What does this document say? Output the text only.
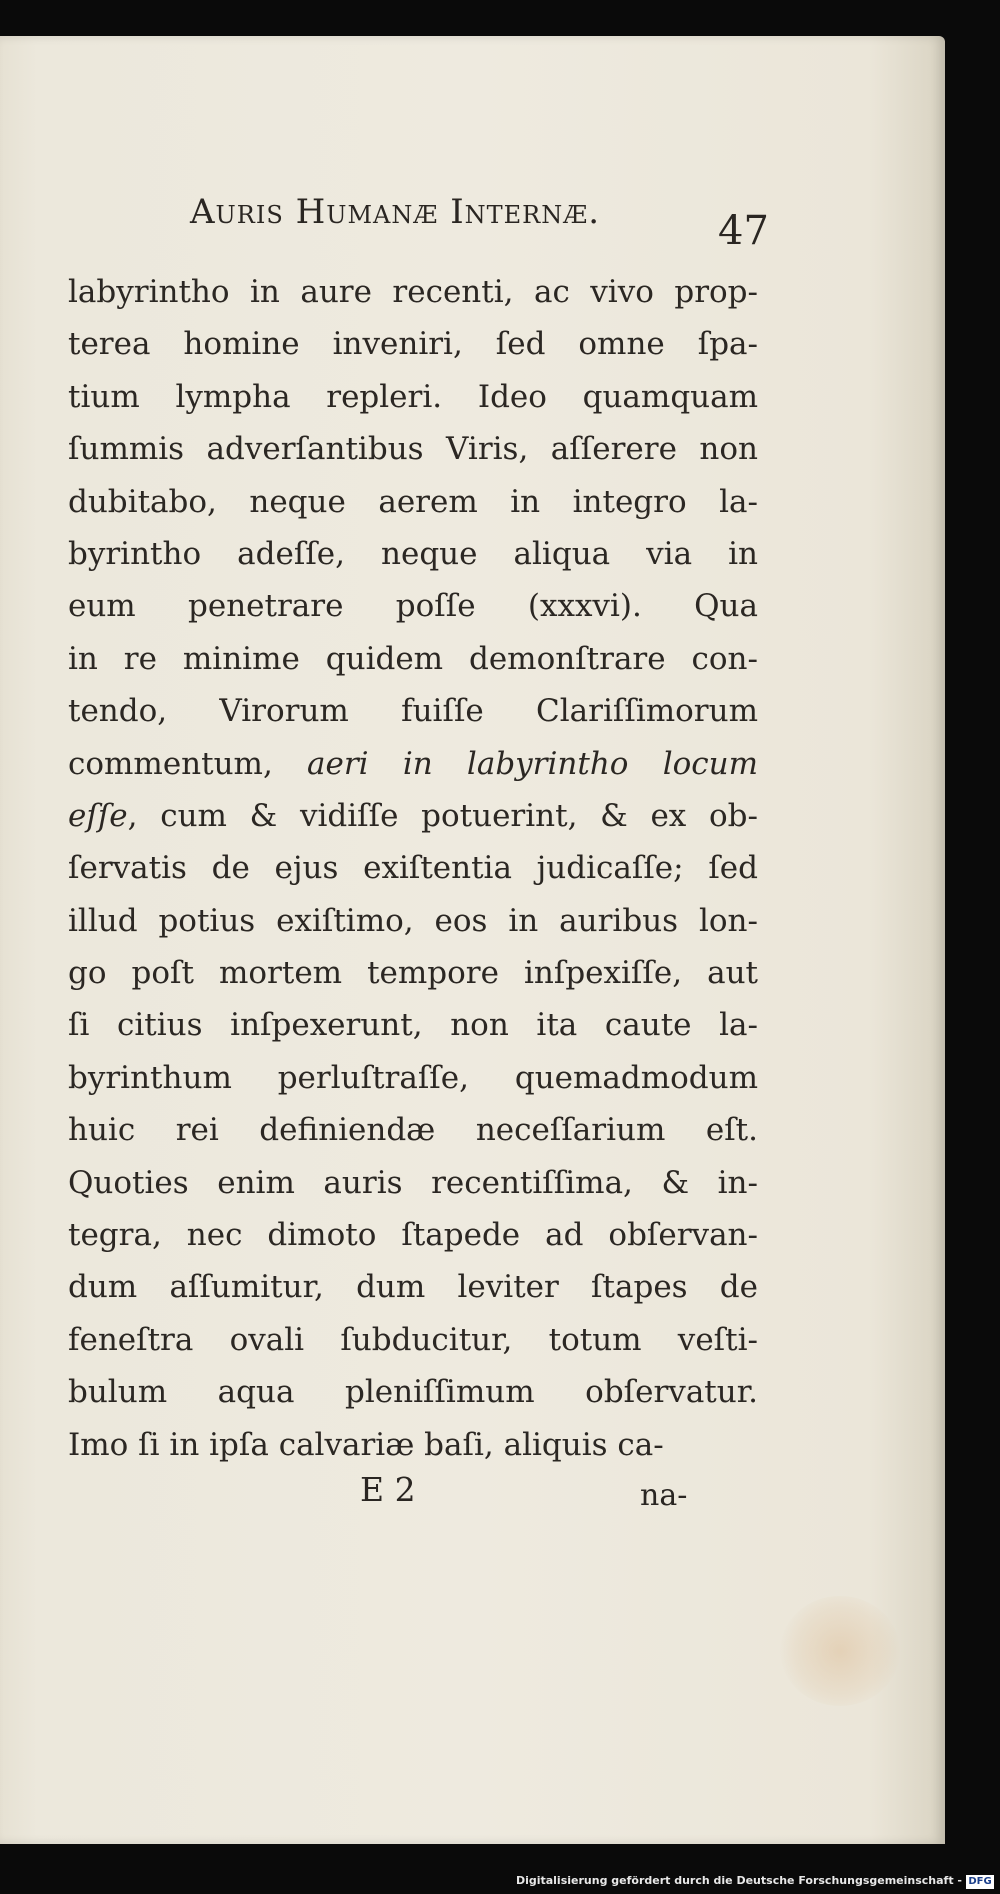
Auris Humanæ Internæ.	47
labyrintho in aure recenti, ac vivo prop-
terea homine inveniri, ſed omne ſpa-
tium lympha repleri. Ideo quamquam
ſummis adverſantibus Viris, aſſerere non
dubitabo, neque aerem in integro la-
byrintho adeſſe, neque aliqua via in
eum penetrare poſſe (xxxvi). Qua
in re minime quidem demonſtrare con-
tendo, Virorum fuiſſe Clariſſimorum
commentum, aeri in labyrintho locum
eſſe, cum & vidiſſe potuerint, & ex ob-
ſervatis de ejus exiſtentia judicaſſe; ſed
illud potius exiſtimo, eos in auribus lon-
go poſt mortem tempore inſpexiſſe, aut
ſi citius inſpexerunt, non ita caute la-
byrinthum perluſtraſſe, quemadmodum
huic rei definiendæ neceſſarium eſt.
Quoties enim auris recentiſſima, & in-
tegra, nec dimoto ſtapede ad obſervan-
dum aſſumitur, dum leviter ſtapes de
feneſtra ovali ſubducitur, totum veſti-
bulum aqua pleniſſimum obſervatur.
Imo ſi in ipſa calvariæ baſi, aliquis ca-
E 2	na-
Digitalisierung gefördert durch die Deutsche Forschungsgemeinschaft - DFG
